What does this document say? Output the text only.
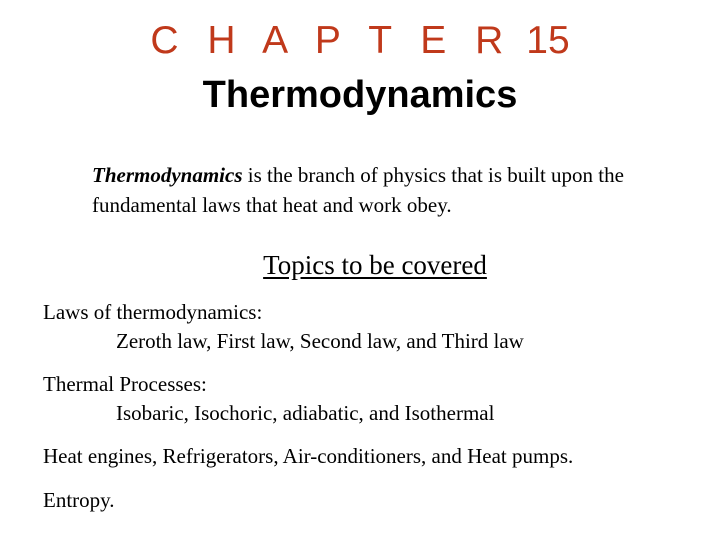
C H A P T E R 15
Thermodynamics
Thermodynamics is the branch of physics that is built upon the fundamental laws that heat and work obey.
Topics to be covered
Laws of thermodynamics:
Zeroth law, First law, Second law, and Third law
Thermal Processes:
Isobaric, Isochoric, adiabatic, and Isothermal
Heat engines, Refrigerators, Air-conditioners, and Heat pumps.
Entropy.
